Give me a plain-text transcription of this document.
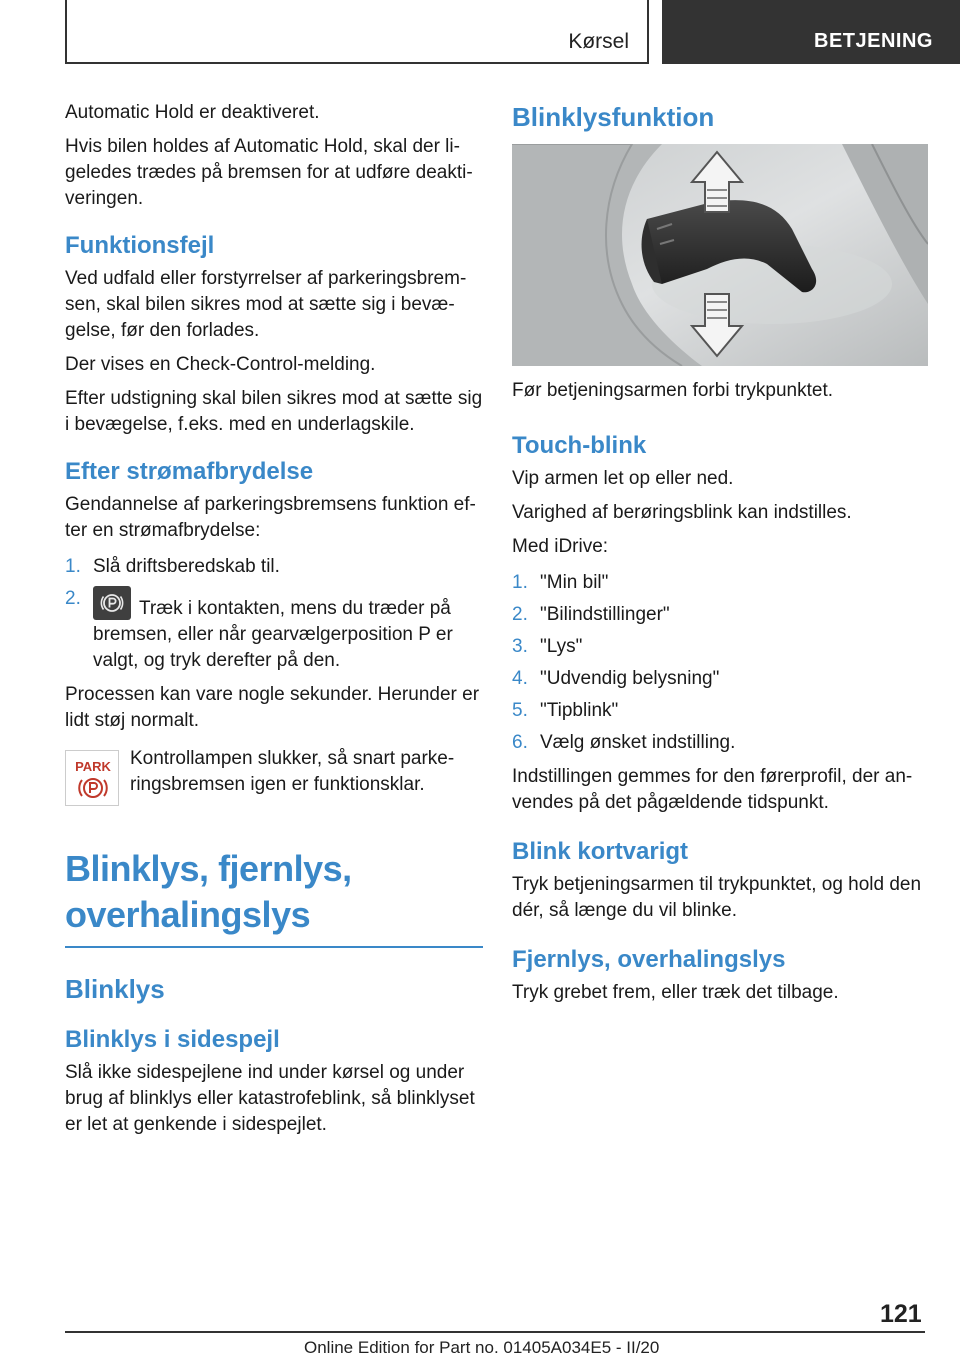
Kørsel	BETJENING

Automatic Hold er deaktiveret.

Hvis bilen holdes af Automatic Hold, skal der li- geledes trædes på bremsen for at udføre deakti- veringen.

Funktionsfejl

Ved udfald eller forstyrrelser af parkeringsbrem- sen, skal bilen sikres mod at sætte sig i bevæ- gelse, før den forlades.

Der vises en Check-Control-melding.

Efter udstigning skal bilen sikres mod at sætte sig i bevægelse, f.eks. med en underlagskile.

Efter strømafbrydelse

Gendannelse af parkeringsbremsens funktion ef- ter en strømafbrydelse:

1. Slå driftsberedskab til.
2.	Træk i kontakten, mens du træder på bremsen, eller når gearvælgerposition P er valgt, og tryk derefter på den.

Processen kan vare nogle sekunder. Herunder er lidt støj normalt.

PARK Kontrollampen slukker, så snart parke- ringsbremsen igen er funktionsklar.
Blinklys, fjernlys,
overhalingslys
Blinklys
Blinklys i sidespejl

Slå ikke sidespejlene ind under kørsel og under brug af blinklys eller katastrofeblink, så blinklyset er let at genkende i sidespejlet.

Blinklysfunktion

Før betjeningsarmen forbi trykpunktet.

Touch-blink

Vip armen let op eller ned.

Varighed af berøringsblink kan indstilles.

Med iDrive:

1. "Min bil"
2. "Bilindstillinger"
3. "Lys"
4. "Udvendig belysning"
5. "Tipblink"
6. Vælg ønsket indstilling.

Indstillingen gemmes for den førerprofil, der an- vendes på det pågældende tidspunkt.

Blink kortvarigt

Tryk betjeningsarmen til trykpunktet, og hold den dér, så længe du vil blinke.

Fjernlys, overhalingslys

Tryk grebet frem, eller træk det tilbage.

121
Online Edition for Part no. 01405A034E5 - II/20
